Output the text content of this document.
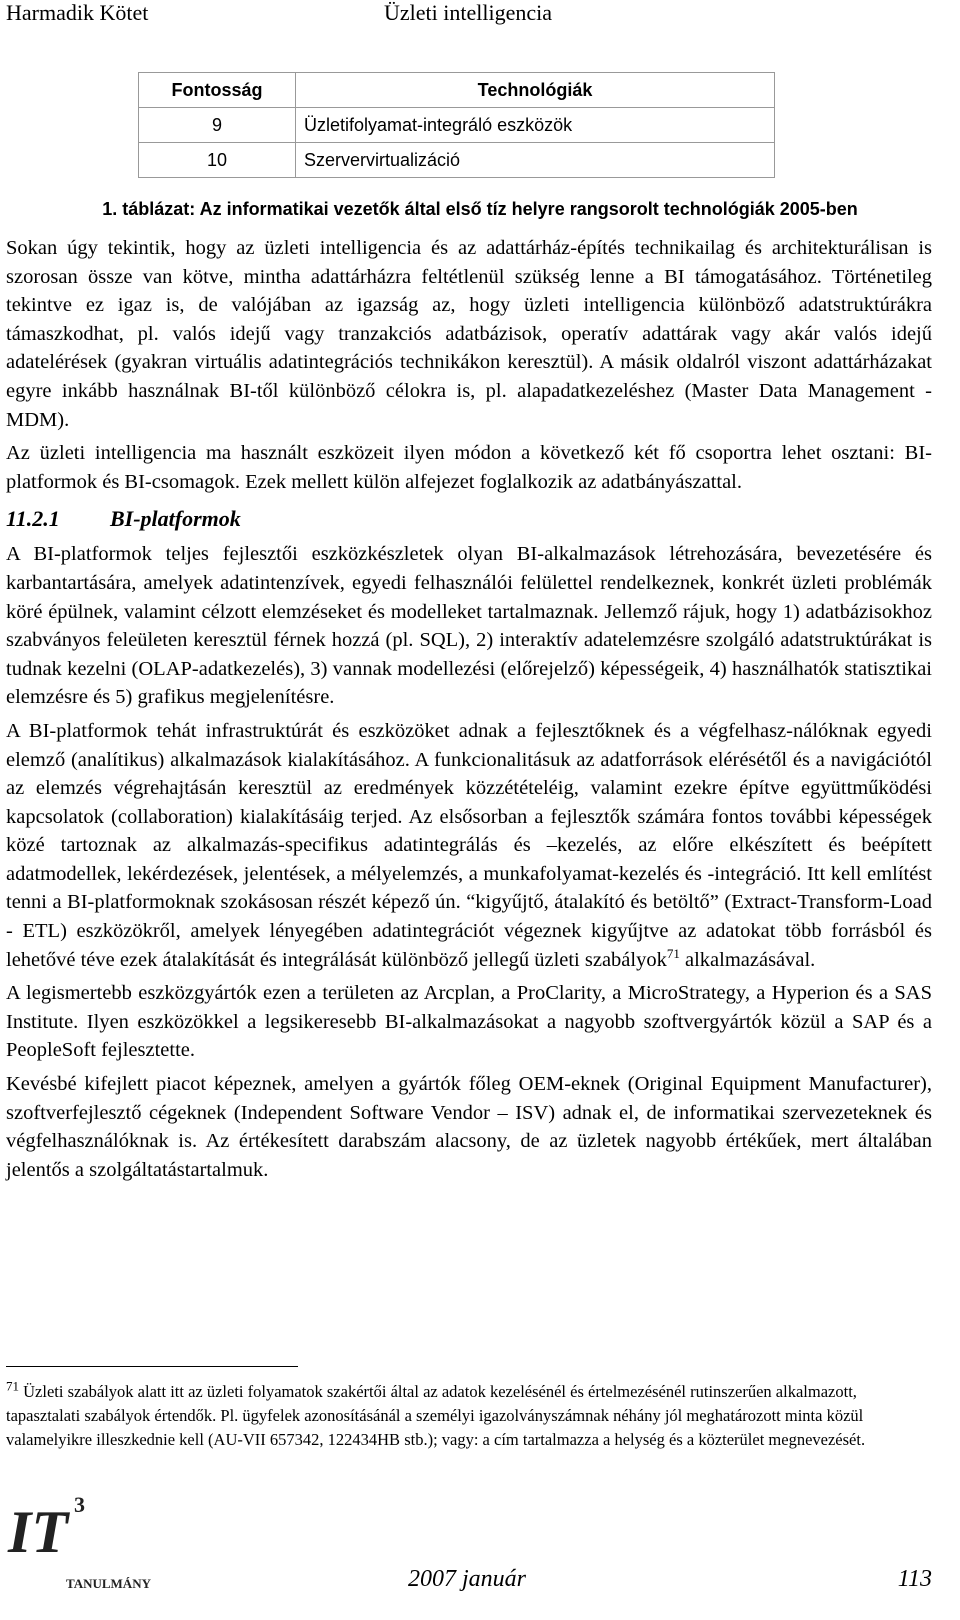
Harmadik Kötet	Üzleti intelligencia
Fontosság	Technológiák
9	Üzletifolyamat-integráló eszközök
10	Szervervirtualizáció
1. táblázat: Az informatikai vezetők által első tíz helyre rangsorolt technológiák 2005-ben

Sokan úgy tekintik, hogy az üzleti intelligencia és az adattárház-építés technikailag és architekturálisan is szorosan össze van kötve, mintha adattárházra feltétlenül szükség lenne a BI támogatásához. Történetileg tekintve ez igaz is, de valójában az igazság az, hogy üzleti intelligencia különböző adatstruktúrákra támaszkodhat, pl. valós idejű vagy tranzakciós adatbázisok, operatív adattárak vagy akár valós idejű adatelérések (gyakran virtuális adatintegrációs technikákon keresztül). A másik oldalról viszont adattárházakat egyre inkább használnak BI-től különböző célokra is, pl. alapadatkezeléshez (Master Data Management - MDM).

Az üzleti intelligencia ma használt eszközeit ilyen módon a következő két fő csoportra lehet osztani: BI-platformok és BI-csomagok. Ezek mellett külön alfejezet foglalkozik az adatbányászattal.

11.2.1 BI-platformok

A BI-platformok teljes fejlesztői eszközkészletek olyan BI-alkalmazások létrehozására, bevezetésére és karbantartására, amelyek adatintenzívek, egyedi felhasználói felülettel rendelkeznek, konkrét üzleti problémák köré épülnek, valamint célzott elemzéseket és modelleket tartalmaznak. Jellemző rájuk, hogy 1) adatbázisokhoz szabványos feleületen keresztül férnek hozzá (pl. SQL), 2) interaktív adatelemzésre szolgáló adatstruktúrákat is tudnak kezelni (OLAP-adatkezelés), 3) vannak modellezési (előrejelző) képességeik, 4) használhatók statisztikai elemzésre és 5) grafikus megjelenítésre.

A BI-platformok tehát infrastruktúrát és eszközöket adnak a fejlesztőknek és a végfelhasz-nálóknak egyedi elemző (analítikus) alkalmazások kialakításához. A funkcionalitásuk az adatforrások elérésétől és a navigációtól az elemzés végrehajtásán keresztül az eredmények közzétételéig, valamint ezekre építve együttműködési kapcsolatok (collaboration) kialakításáig terjed. Az elsősorban a fejlesztők számára fontos további képességek közé tartoznak az alkalmazás-specifikus adatintegrálás és –kezelés, az előre elkészített és beépített adatmodellek, lekérdezések, jelentések, a mélyelemzés, a munkafolyamat-kezelés és -integráció. Itt kell említést tenni a BI-platformoknak szokásosan részét képező ún. “kigyűjtő, átalakító és betöltő” (Extract-Transform-Load - ETL) eszközökről, amelyek lényegében adatintegrációt végeznek kigyűjtve az adatokat több forrásból és lehetővé téve ezek átalakítását és integrálását különböző jellegű üzleti szabályok$^{71}$ alkalmazásával.

A legismertebb eszközgyártók ezen a területen az Arcplan, a ProClarity, a MicroStrategy, a Hyperion és a SAS Institute. Ilyen eszközökkel a legsikeresebb BI-alkalmazásokat a nagyobb szoftvergyártók közül a SAP és a PeopleSoft fejlesztette.

Kevésbé kifejlett piacot képeznek, amelyen a gyártók főleg OEM-eknek (Original Equipment Manufacturer), szoftverfejlesztő cégeknek (Independent Software Vendor – ISV) adnak el, de informatikai szervezeteknek és végfelhasználóknak is. Az értékesített darabszám alacsony, de az üzletek nagyobb értékűek, mert általában jelentős a szolgáltatástartalmuk.

$^{71}$ Üzleti szabályok alatt itt az üzleti folyamatok szakértői által az adatok kezelésénél és értelmezésénél rutinszerűen alkalmazott, tapasztalati szabályok értendők. Pl. ügyfelek azonosításánál a személyi igazolványszámnak néhány jól meghatározott minta közül valamelyikre illeszkednie kell (AU-VII 657342, 122434HB stb.); vagy: a cím tartalmazza a helység és a közterület megnevezését.

IT 3
TANULMÁNY	2007 január	113
